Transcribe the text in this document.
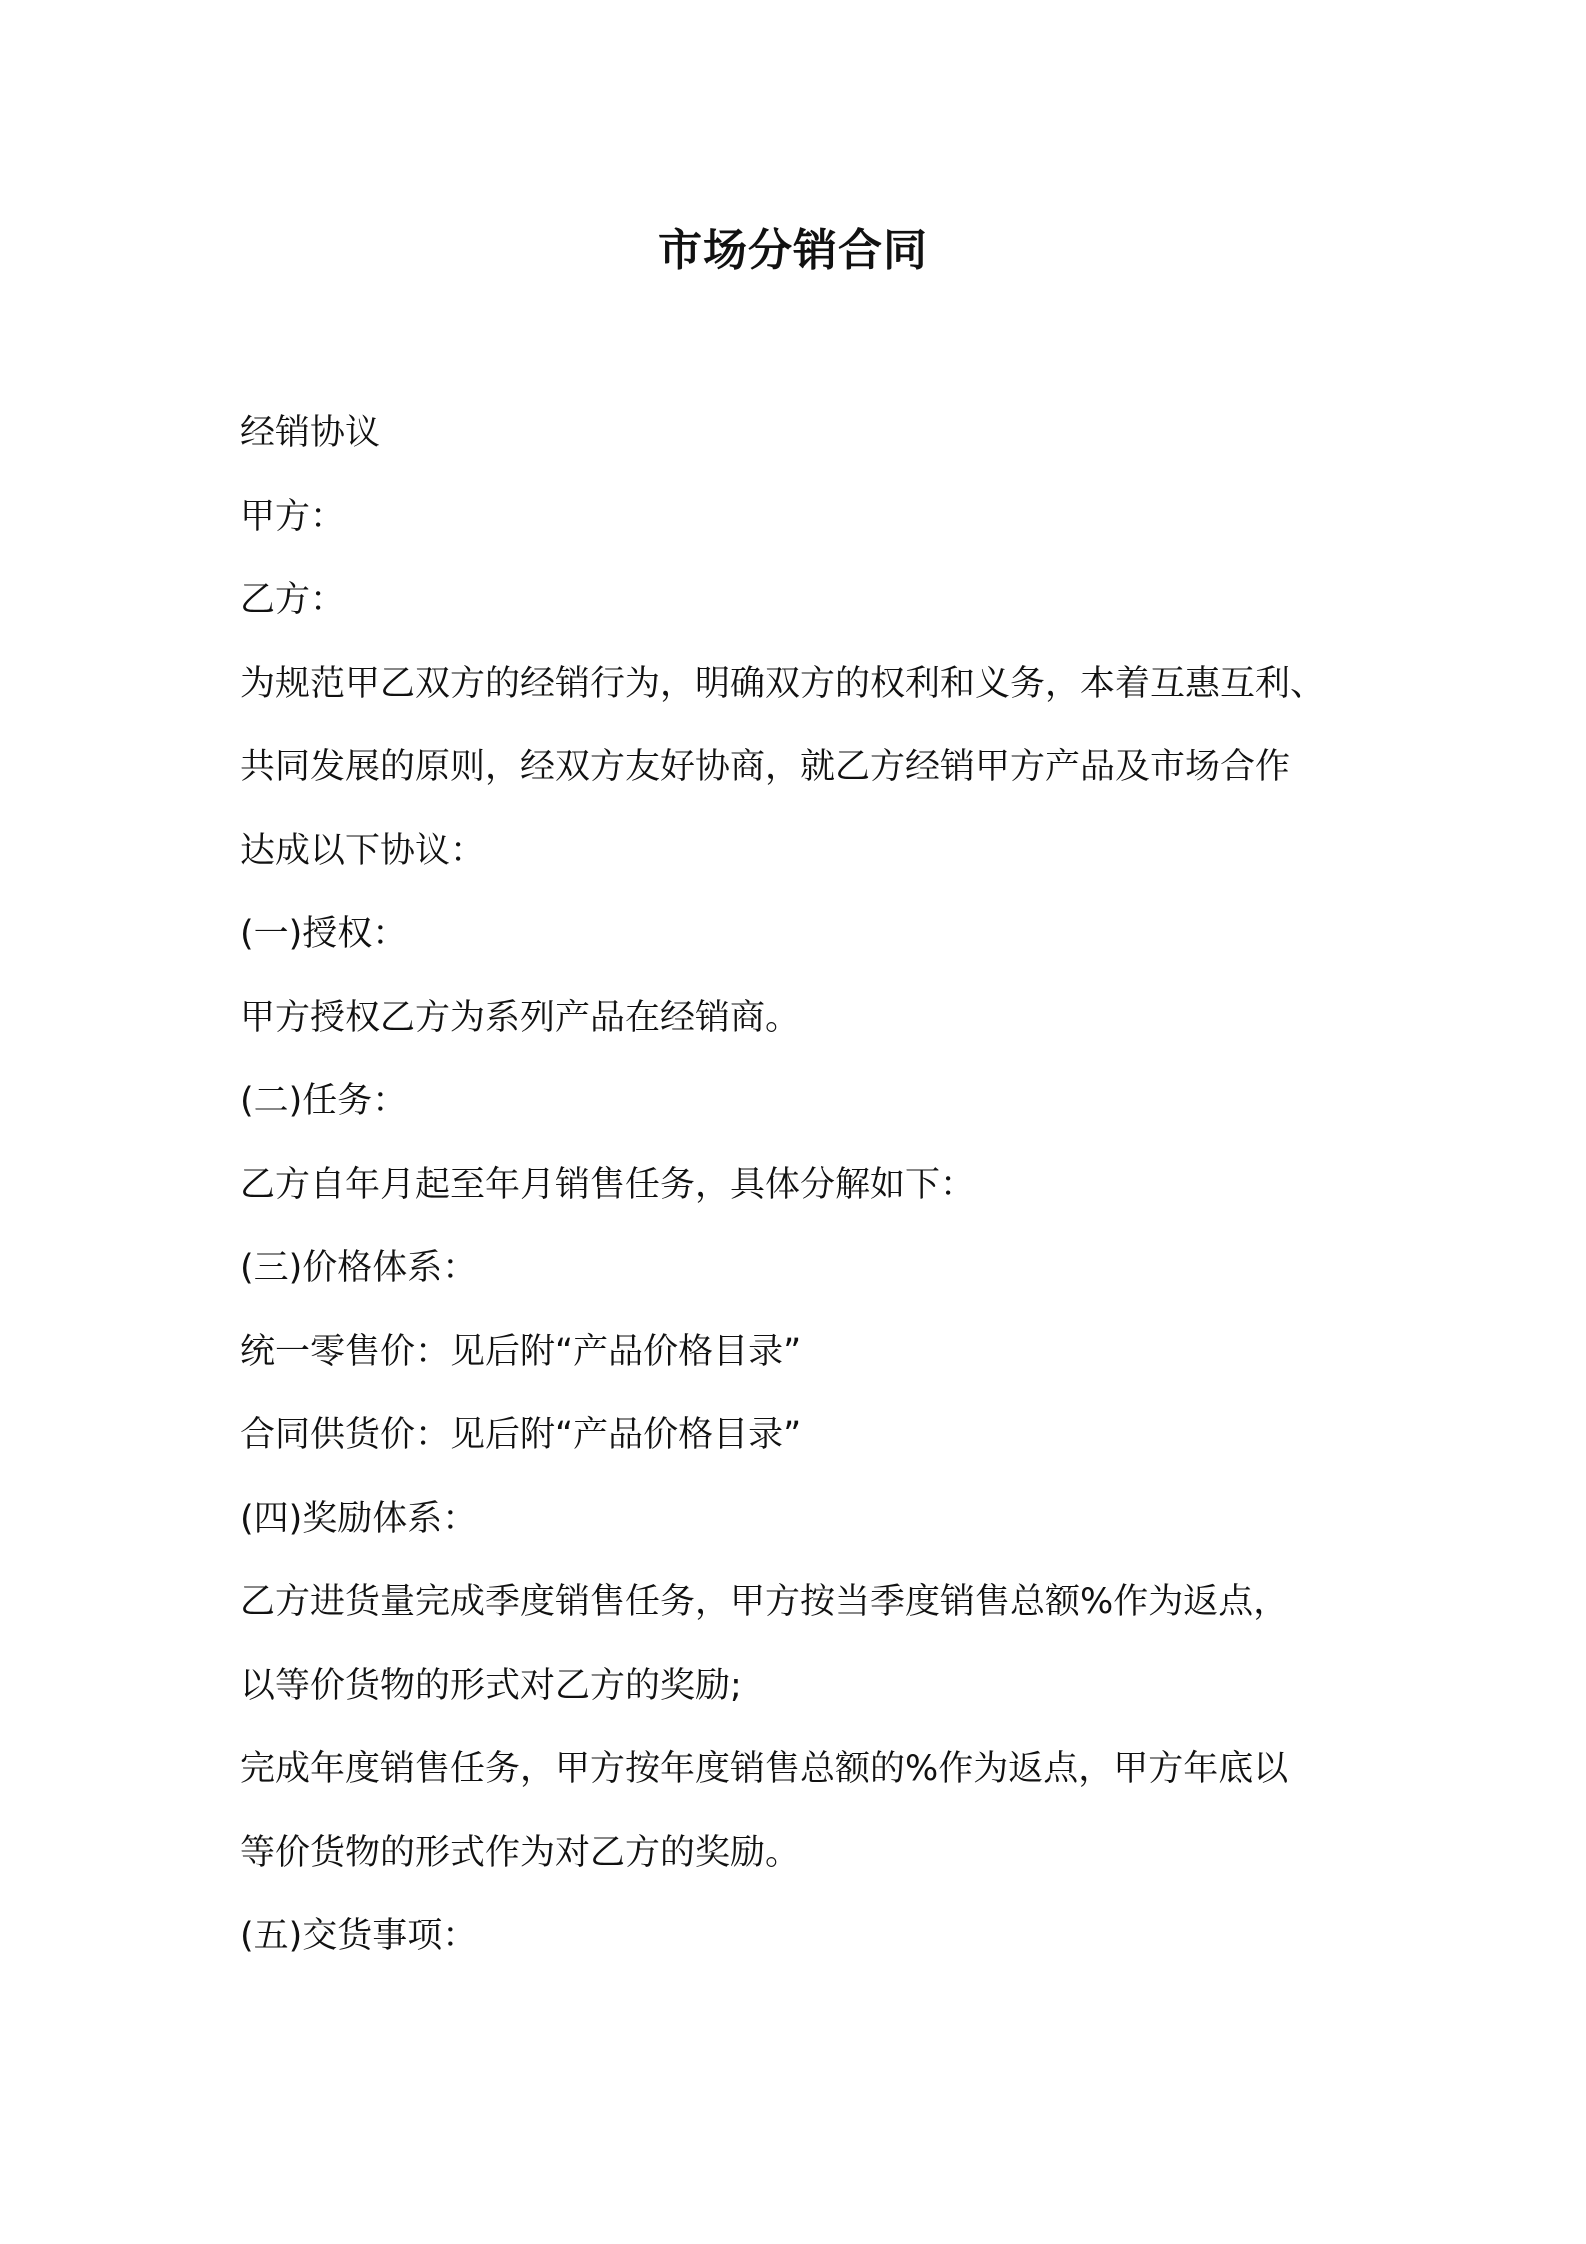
市场分销合同
经销协议
甲方：
乙方：
为规范甲乙双方的经销行为，明确双方的权利和义务，本着互惠互利、
共同发展的原则，经双方友好协商，就乙方经销甲方产品及市场合作
达成以下协议：
(一)授权：
甲方授权乙方为系列产品在经销商。
(二)任务：
乙方自年月起至年月销售任务，具体分解如下：
(三)价格体系：
统一零售价：见后附“产品价格目录”
合同供货价：见后附“产品价格目录”
(四)奖励体系：
乙方进货量完成季度销售任务，甲方按当季度销售总额%作为返点，
以等价货物的形式对乙方的奖励;
完成年度销售任务，甲方按年度销售总额的%作为返点，甲方年底以
等价货物的形式作为对乙方的奖励。
(五)交货事项：
